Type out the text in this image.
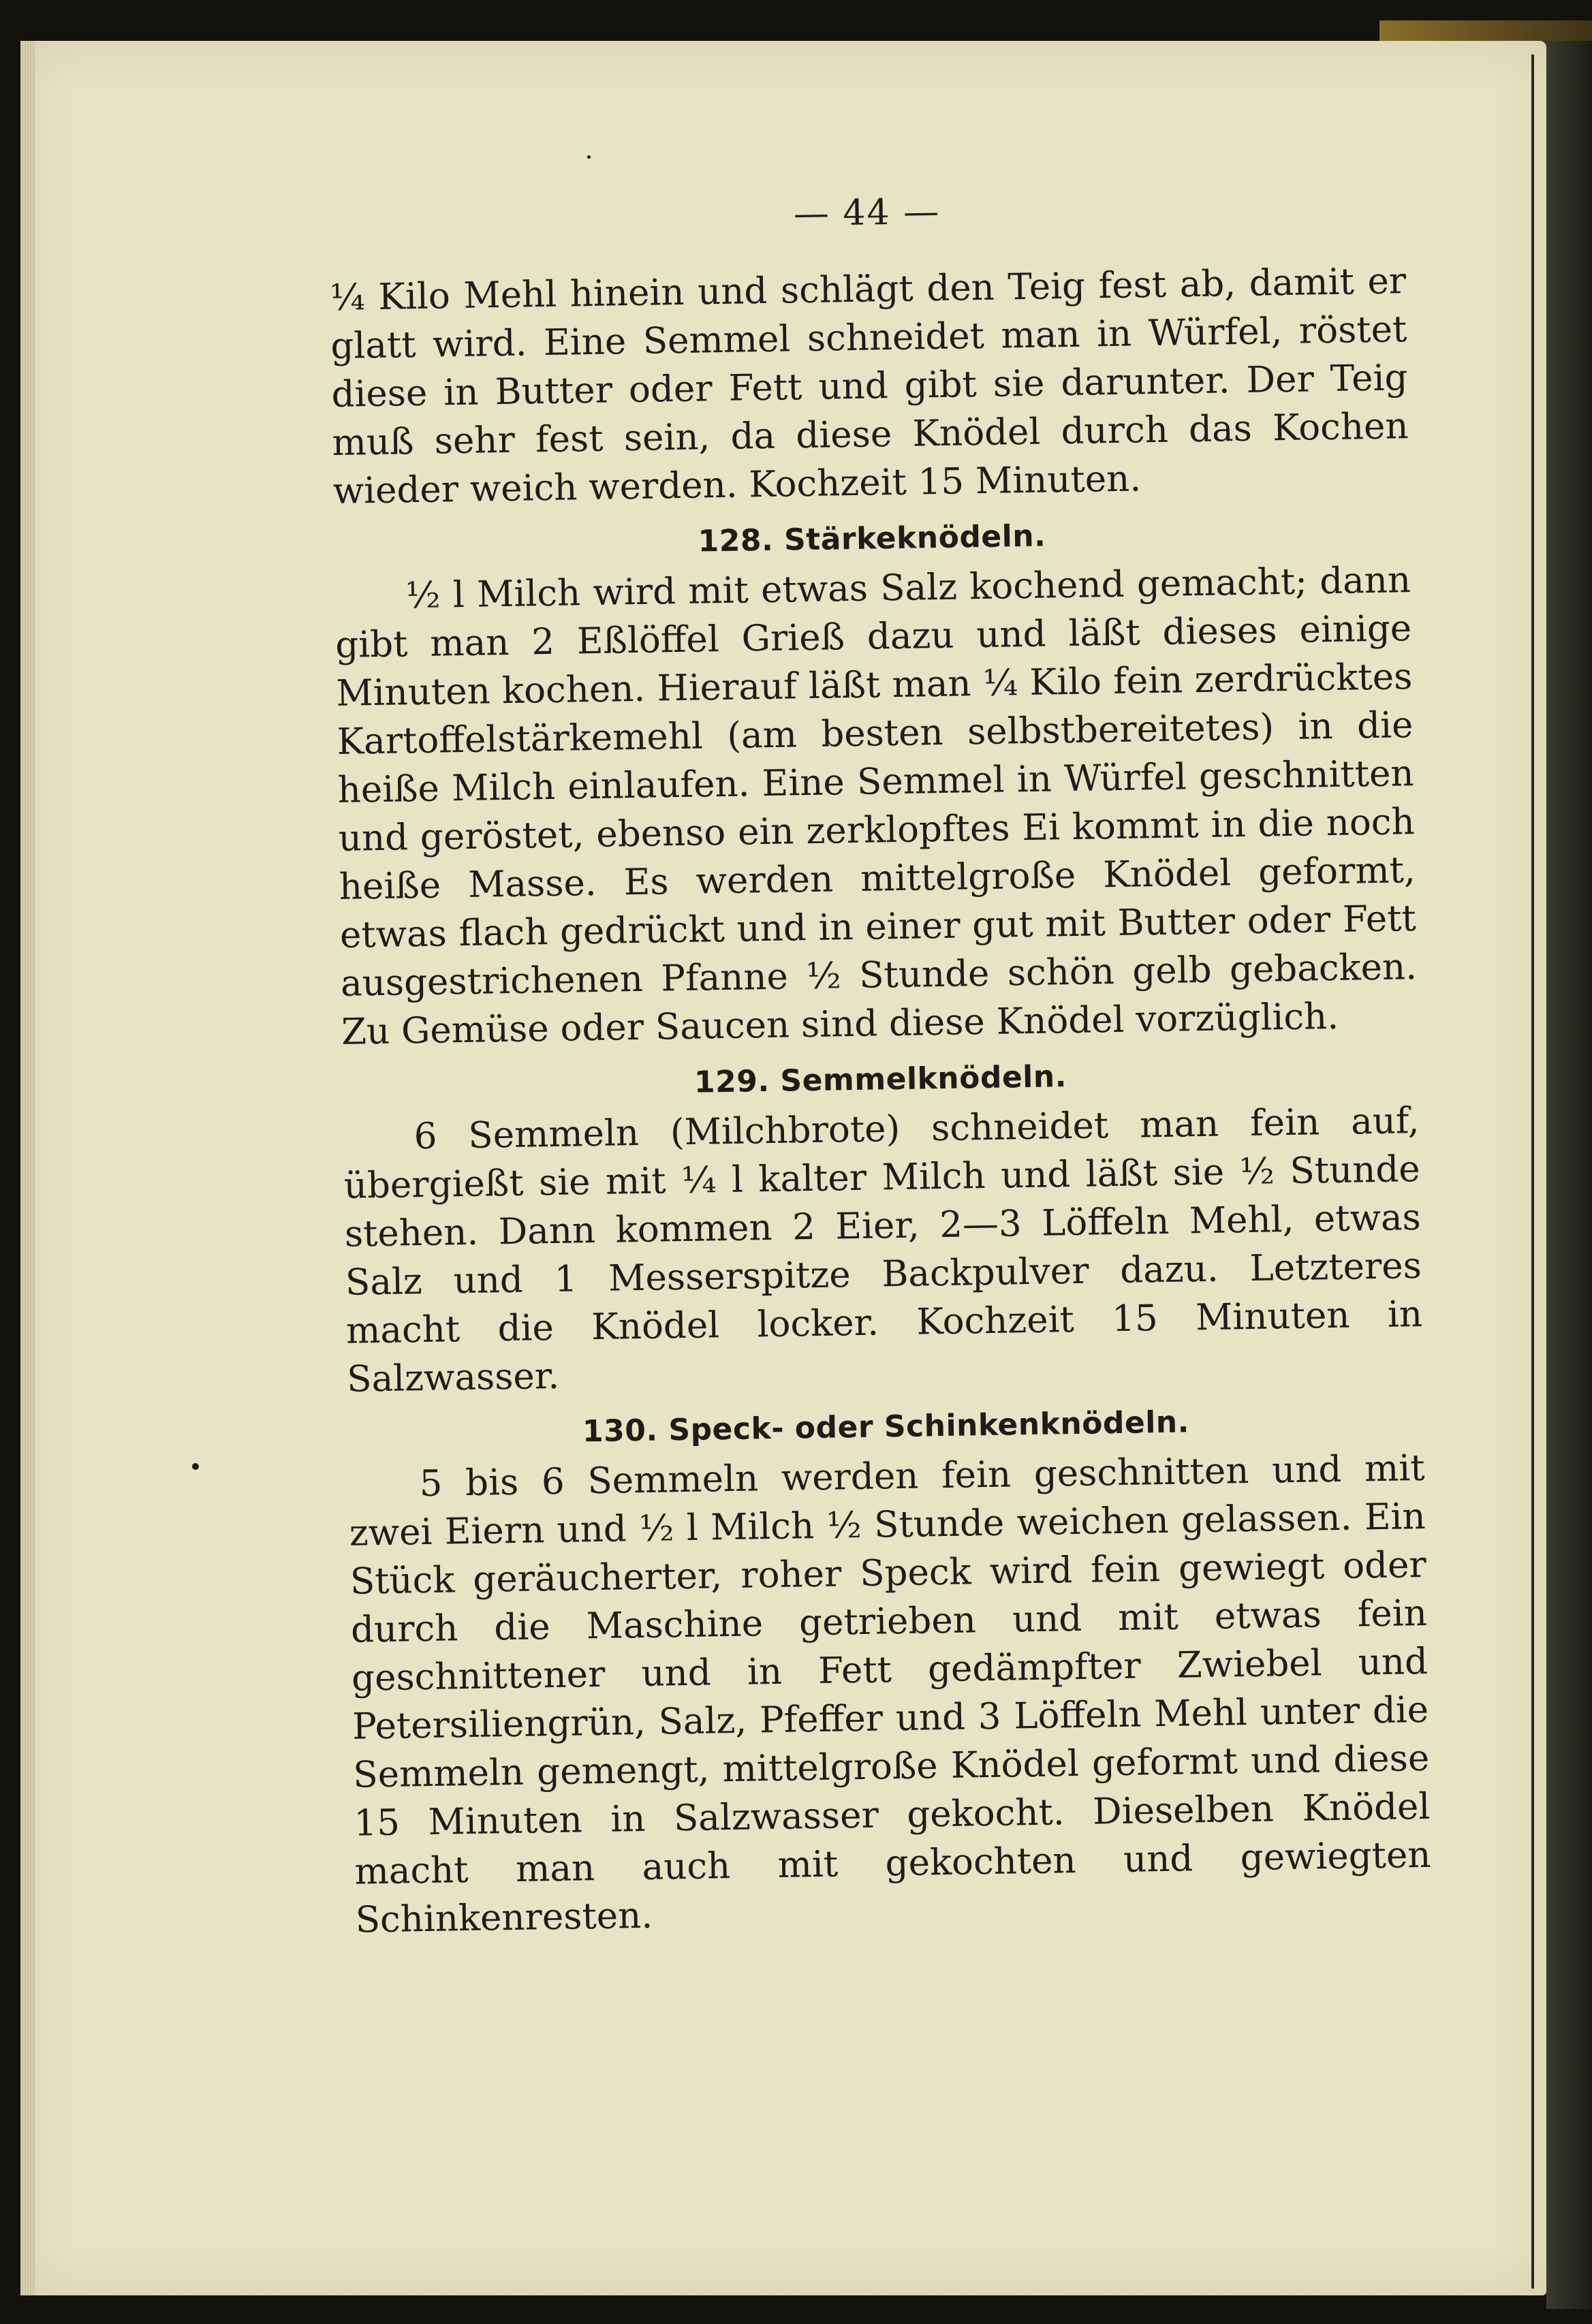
— 44 —

¼ Kilo Mehl hinein und schlägt den Teig fest ab, damit er glatt wird. Eine Semmel schneidet man in Würfel, röstet diese in Butter oder Fett und gibt sie darunter. Der Teig muß sehr fest sein, da diese Knödel durch das Kochen wieder weich werden. Kochzeit 15 Minuten.

128. Stärkeknödeln.

½ l Milch wird mit etwas Salz kochend gemacht; dann gibt man 2 Eßlöffel Grieß dazu und läßt dieses einige Minuten kochen. Hierauf läßt man ¼ Kilo fein zerdrücktes Kartoffelstärkemehl (am besten selbstbereitetes) in die heiße Milch einlaufen. Eine Semmel in Würfel geschnitten und geröstet, ebenso ein zerklopftes Ei kommt in die noch heiße Masse. Es werden mittelgroße Knödel geformt, etwas flach gedrückt und in einer gut mit Butter oder Fett ausgestrichenen Pfanne ½ Stunde schön gelb gebacken. Zu Gemüse oder Saucen sind diese Knödel vorzüglich.

129. Semmelknödeln.

6 Semmeln (Milchbrote) schneidet man fein auf, übergießt sie mit ¼ l kalter Milch und läßt sie ½ Stunde stehen. Dann kommen 2 Eier, 2—3 Löffeln Mehl, etwas Salz und 1 Messerspitze Backpulver dazu. Letzteres macht die Knödel locker. Kochzeit 15 Minuten in Salzwasser.

130. Speck- oder Schinkenknödeln.

5 bis 6 Semmeln werden fein geschnitten und mit zwei Eiern und ½ l Milch ½ Stunde weichen gelassen. Ein Stück geräucherter, roher Speck wird fein gewiegt oder durch die Maschine getrieben und mit etwas fein geschnittener und in Fett gedämpfter Zwiebel und Petersiliengrün, Salz, Pfeffer und 3 Löffeln Mehl unter die Semmeln gemengt, mittelgroße Knödel geformt und diese 15 Minuten in Salzwasser gekocht. Dieselben Knödel macht man auch mit gekochten und gewiegten Schinkenresten.
